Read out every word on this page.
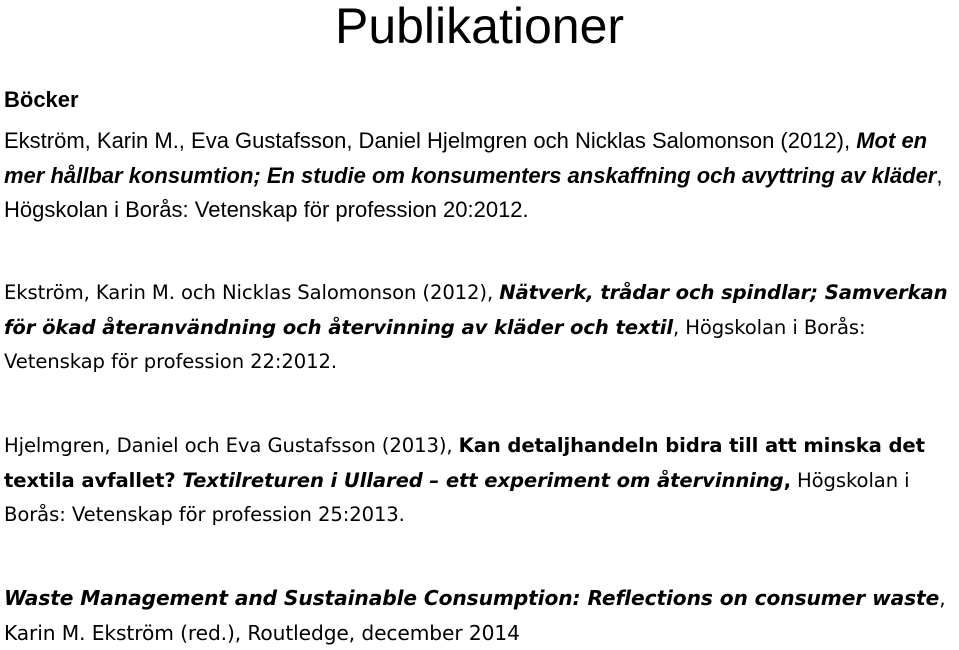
Publikationer
Böcker

Ekström, Karin M., Eva Gustafsson, Daniel Hjelmgren och Nicklas Salomonson (2012), Mot en mer hållbar konsumtion; En studie om konsumenters anskaffning och avyttring av kläder, Högskolan i Borås: Vetenskap för profession 20:2012.

Ekström, Karin M. och Nicklas Salomonson (2012), Nätverk, trådar och spindlar; Samverkan för ökad återanvändning och återvinning av kläder och textil, Högskolan i Borås: Vetenskap för profession 22:2012.

Hjelmgren, Daniel och Eva Gustafsson (2013), Kan detaljhandeln bidra till att minska det textila avfallet? Textilreturen i Ullared – ett experiment om återvinning, Högskolan i Borås: Vetenskap för profession 25:2013.

Waste Management and Sustainable Consumption: Reflections on consumer waste, Karin M. Ekström (red.), Routledge, december 2014
